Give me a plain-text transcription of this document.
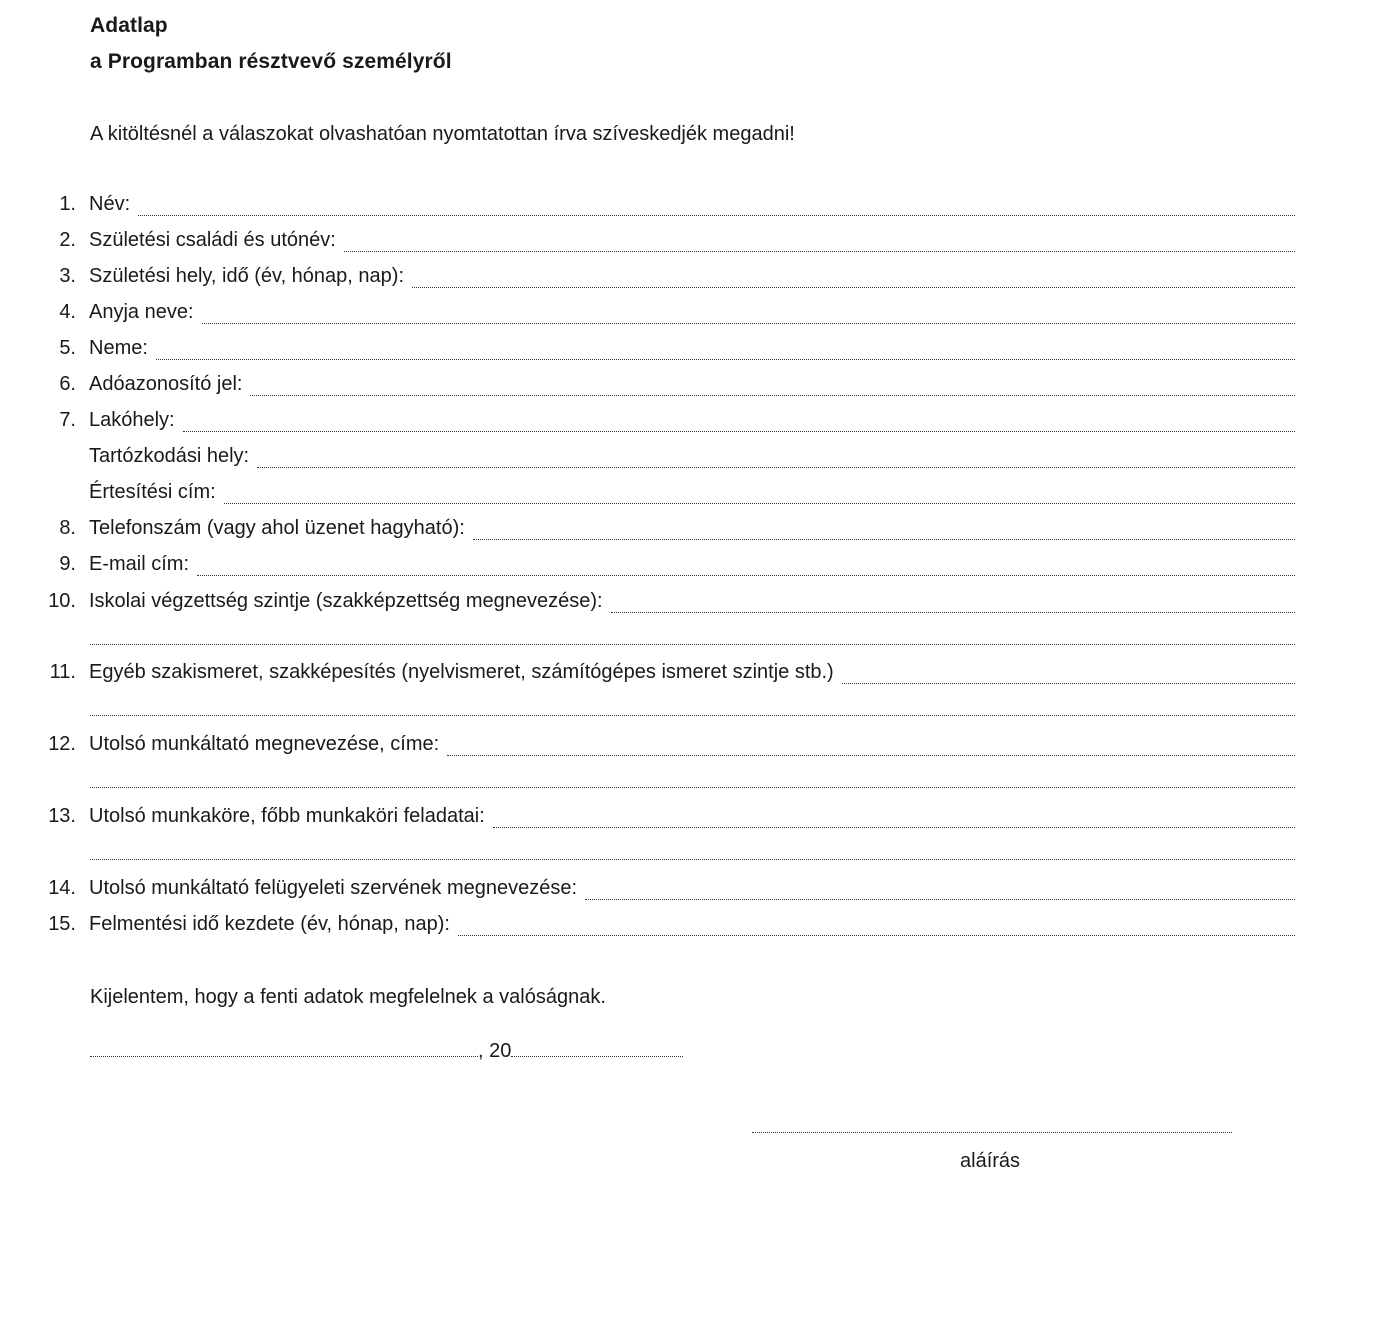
Adatlap
a Programban résztvevő személyről
A kitöltésnél a válaszokat olvashatóan nyomtatottan írva szíveskedjék megadni!
1. Név:
2. Születési családi és utónév:
3. Születési hely, idő (év, hónap, nap):
4. Anyja neve:
5. Neme:
6. Adóazonosító jel:
7. Lakóhely:
Tartózkodási hely:
Értesítési cím:
8. Telefonszám (vagy ahol üzenet hagyható):
9. E-mail cím:
10. Iskolai végzettség szintje (szakképzettség megnevezése):
11. Egyéb szakismeret, szakképesítés (nyelvismeret, számítógépes ismeret szintje stb.)
12. Utolsó munkáltató megnevezése, címe:
13. Utolsó munkaköre, főbb munkaköri feladatai:
14. Utolsó munkáltató felügyeleti szervének megnevezése:
15. Felmentési idő kezdete (év, hónap, nap):
Kijelentem, hogy a fenti adatok megfelelnek a valóságnak.
, 20
aláírás
